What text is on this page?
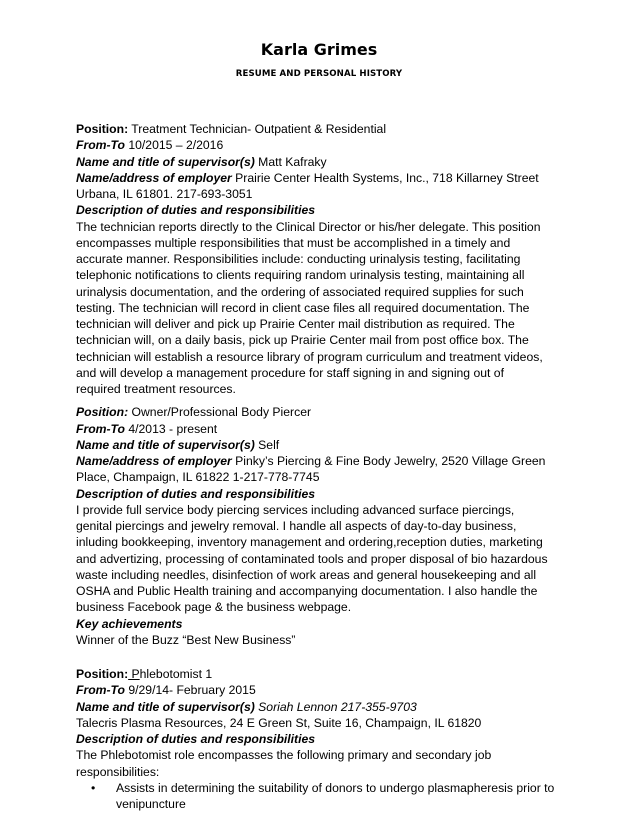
Karla Grimes
RESUME AND PERSONAL HISTORY
Position: Treatment Technician- Outpatient & Residential
From-To 10/2015 – 2/2016
Name and title of supervisor(s) Matt Kafraky
Name/address of employer Prairie Center Health Systems, Inc., 718 Killarney Street
Urbana, IL 61801. 217-693-3051
Description of duties and responsibilities
The technician reports directly to the Clinical Director or his/her delegate. This position
encompasses multiple responsibilities that must be accomplished in a timely and
accurate manner. Responsibilities include: conducting urinalysis testing, facilitating
telephonic notifications to clients requiring random urinalysis testing, maintaining all
urinalysis documentation, and the ordering of associated required supplies for such
testing. The technician will record in client case files all required documentation. The
technician will deliver and pick up Prairie Center mail distribution as required. The
technician will, on a daily basis, pick up Prairie Center mail from post office box. The
technician will establish a resource library of program curriculum and treatment videos,
and will develop a management procedure for staff signing in and signing out of
required treatment resources.
Position: Owner/Professional Body Piercer
From-To 4/2013 - present
Name and title of supervisor(s) Self
Name/address of employer Pinky’s Piercing & Fine Body Jewelry, 2520 Village Green
Place, Champaign, IL 61822 1-217-778-7745
Description of duties and responsibilities
I provide full service body piercing services including advanced surface piercings,
genital piercings and jewelry removal. I handle all aspects of day-to-day business,
inluding bookkeeping, inventory management and ordering,reception duties, marketing
and advertizing, processing of contaminated tools and proper disposal of bio hazardous
waste including needles, disinfection of work areas and general housekeeping and all
OSHA and Public Health training and accompanying documentation. I also handle the
business Facebook page & the business webpage.
Key achievements
Winner of the Buzz “Best New Business”
Position: Phlebotomist 1
From-To 9/29/14- February 2015
Name and title of supervisor(s) Soriah Lennon 217-355-9703
Talecris Plasma Resources, 24 E Green St, Suite 16, Champaign, IL 61820
Description of duties and responsibilities
The Phlebotomist role encompasses the following primary and secondary job
responsibilities:
• Assists in determining the suitability of donors to undergo plasmapheresis prior to
venipuncture
